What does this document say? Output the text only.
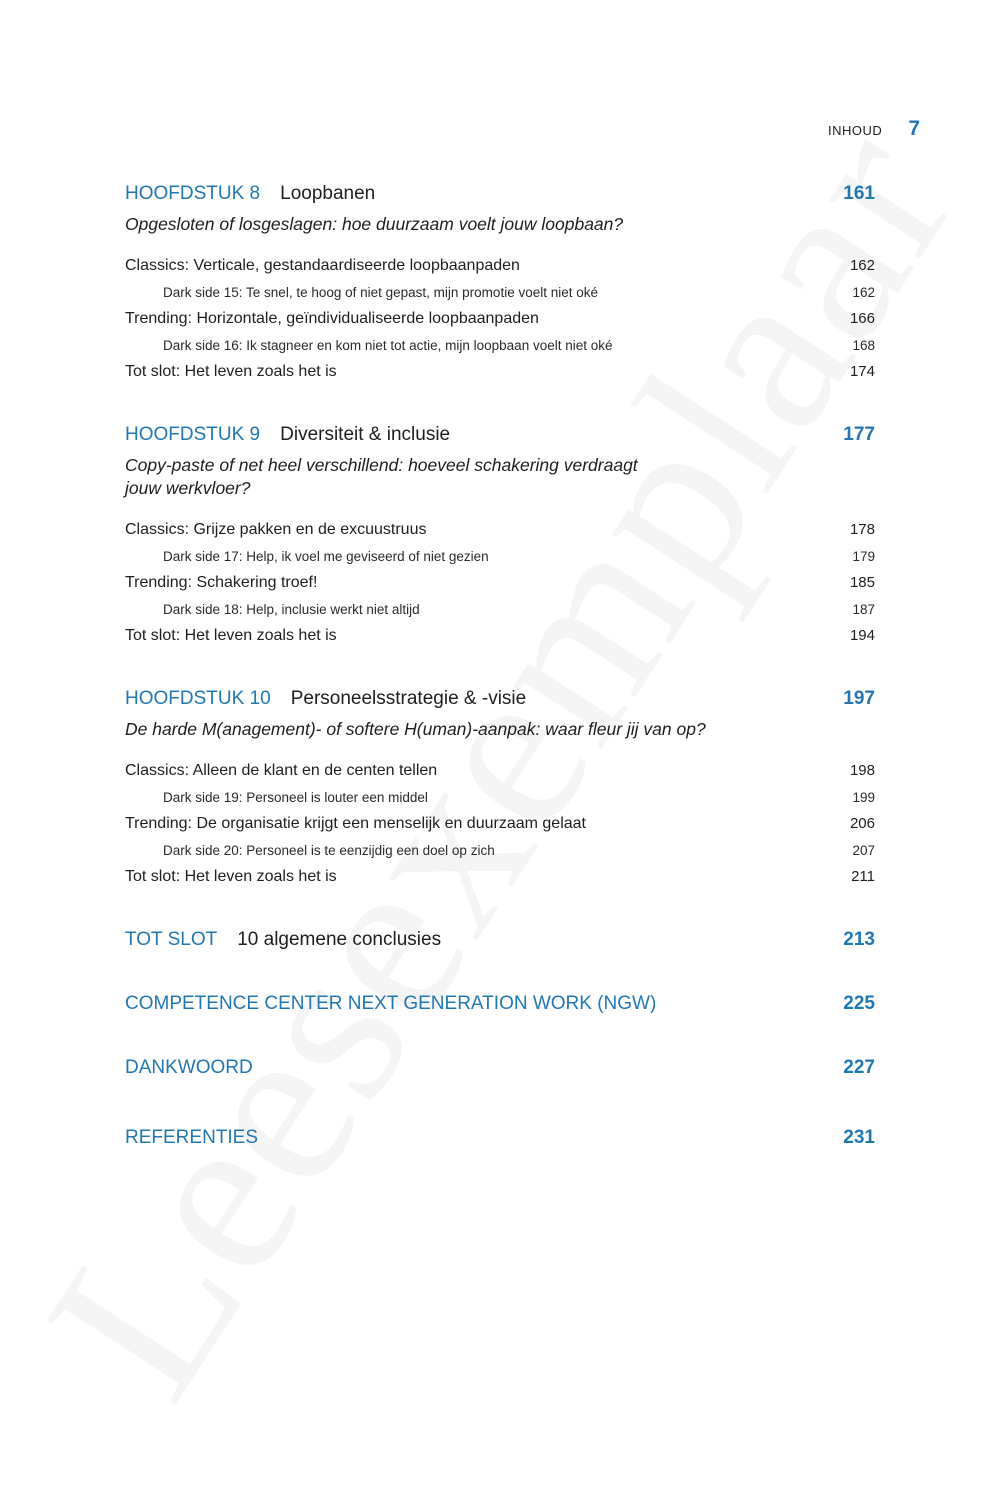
INHOUD 7
HOOFDSTUK 8 Loopbanen	161
Opgesloten of losgeslagen: hoe duurzaam voelt jouw loopbaan?
Classics: Verticale, gestandaardiseerde loopbaanpaden	162
Dark side 15: Te snel, te hoog of niet gepast, mijn promotie voelt niet oké	162
Trending: Horizontale, geïndividualiseerde loopbaanpaden	166
Dark side 16: Ik stagneer en kom niet tot actie, mijn loopbaan voelt niet oké	168
Tot slot: Het leven zoals het is	174
HOOFDSTUK 9 Diversiteit & inclusie	177
Copy-paste of net heel verschillend: hoeveel schakering verdraagt jouw werkvloer?
Classics: Grijze pakken en de excuustruus	178
Dark side 17: Help, ik voel me geviseerd of niet gezien	179
Trending: Schakering troef!	185
Dark side 18: Help, inclusie werkt niet altijd	187
Tot slot: Het leven zoals het is	194
HOOFDSTUK 10 Personeelsstrategie & -visie	197
De harde M(anagement)- of softere H(uman)-aanpak: waar fleur jij van op?
Classics: Alleen de klant en de centen tellen	198
Dark side 19: Personeel is louter een middel	199
Trending: De organisatie krijgt een menselijk en duurzaam gelaat	206
Dark side 20: Personeel is te eenzijdig een doel op zich	207
Tot slot: Het leven zoals het is	211
TOT SLOT 10 algemene conclusies	213
COMPETENCE CENTER NEXT GENERATION WORK (NGW)	225
DANKWOORD	227
REFERENTIES	231
